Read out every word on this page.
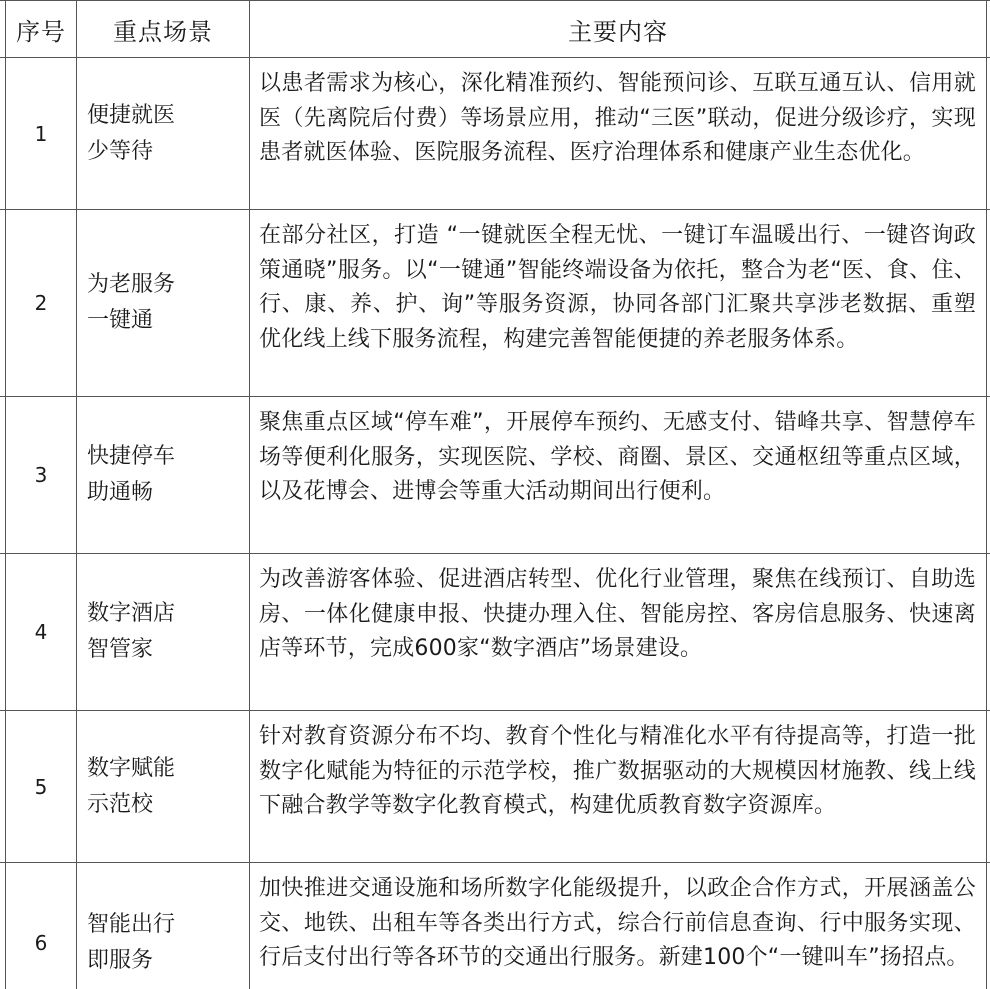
序号	重点场景	主要内容
1
便捷就医
少等待
以患者需求为核心，深化精准预约、智能预问诊、互联互通互认、信用就医（先离院后付费）等场景应用，推动“三医”联动，促进分级诊疗，实现患者就医体验、医院服务流程、医疗治理体系和健康产业生态优化。
2
为老服务
一键通
在部分社区，打造 “一键就医全程无忧、一键订车温暖出行、一键咨询政策通晓”服务。以“一键通”智能终端设备为依托，整合为老“医、食、住、行、康、养、护、询”等服务资源，协同各部门汇聚共享涉老数据、重塑优化线上线下服务流程，构建完善智能便捷的养老服务体系。
3
快捷停车
助通畅
聚焦重点区域“停车难”，开展停车预约、无感支付、错峰共享、智慧停车场等便利化服务，实现医院、学校、商圈、景区、交通枢纽等重点区域，以及花博会、进博会等重大活动期间出行便利。
4
数字酒店
智管家
为改善游客体验、促进酒店转型、优化行业管理，聚焦在线预订、自助选房、一体化健康申报、快捷办理入住、智能房控、客房信息服务、快速离店等环节，完成600家“数字酒店”场景建设。
5
数字赋能
示范校
针对教育资源分布不均、教育个性化与精准化水平有待提高等，打造一批数字化赋能为特征的示范学校，推广数据驱动的大规模因材施教、线上线下融合教学等数字化教育模式，构建优质教育数字资源库。
6
智能出行
即服务
加快推进交通设施和场所数字化能级提升，以政企合作方式，开展涵盖公交、地铁、出租车等各类出行方式，综合行前信息查询、行中服务实现、行后支付出行等各环节的交通出行服务。新建100个“一键叫车”扬招点。
